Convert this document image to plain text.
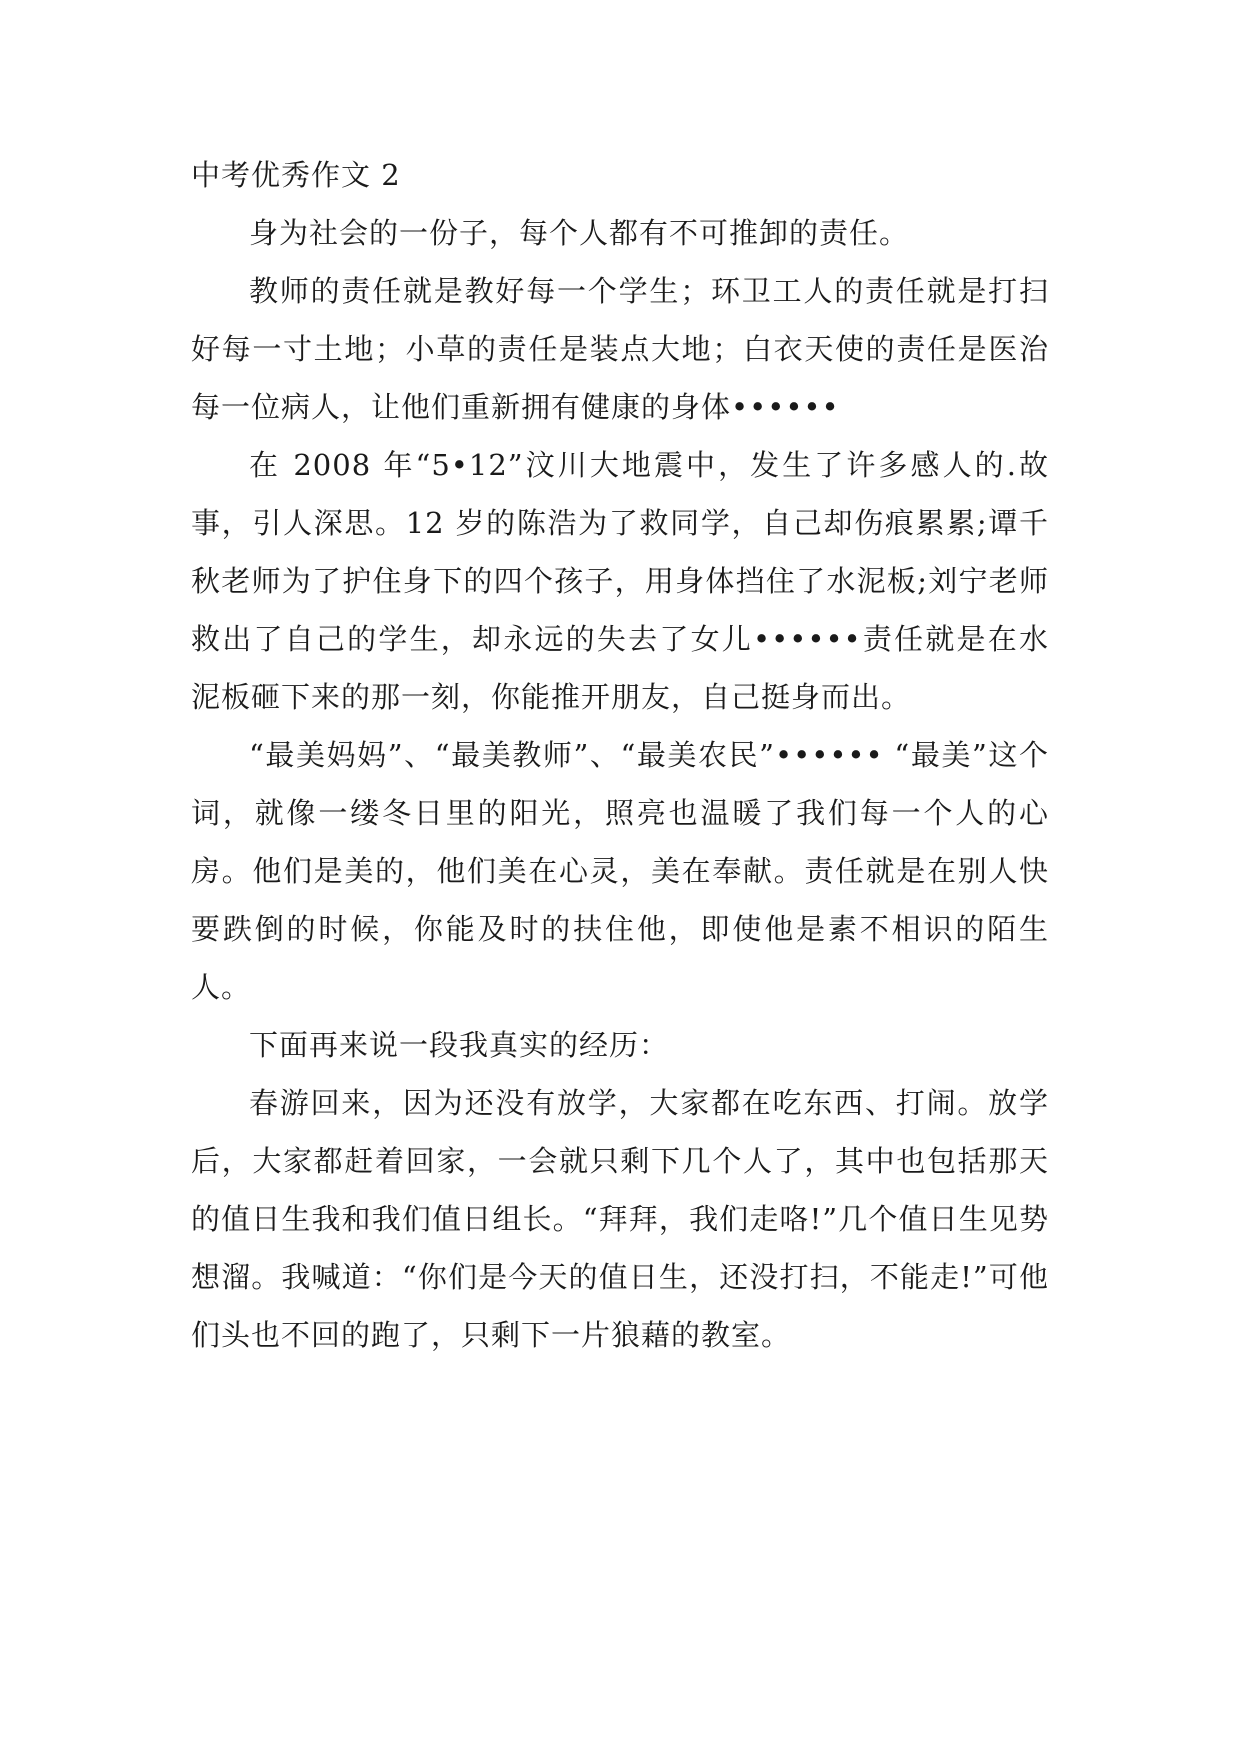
中考优秀作文 2

身为社会的一份子，每个人都有不可推卸的责任。

教师的责任就是教好每一个学生；环卫工人的责任就是打扫好每一寸土地；小草的责任是装点大地；白衣天使的责任是医治每一位病人，让他们重新拥有健康的身体••••••

在 2008 年“5•12”汶川大地震中，发生了许多感人的.故事，引人深思。12 岁的陈浩为了救同学，自己却伤痕累累;谭千秋老师为了护住身下的四个孩子，用身体挡住了水泥板;刘宁老师救出了自己的学生，却永远的失去了女儿••••••责任就是在水泥板砸下来的那一刻，你能推开朋友，自己挺身而出。

“最美妈妈”、“最美教师”、“最美农民”•••••• “最美”这个词，就像一缕冬日里的阳光，照亮也温暖了我们每一个人的心房。他们是美的，他们美在心灵，美在奉献。责任就是在别人快要跌倒的时候，你能及时的扶住他，即使他是素不相识的陌生人。

下面再来说一段我真实的经历：

春游回来，因为还没有放学，大家都在吃东西、打闹。放学后，大家都赶着回家，一会就只剩下几个人了，其中也包括那天的值日生我和我们值日组长。“拜拜，我们走咯!”几个值日生见势想溜。我喊道：“你们是今天的值日生，还没打扫，不能走!”可他们头也不回的跑了，只剩下一片狼藉的教室。
